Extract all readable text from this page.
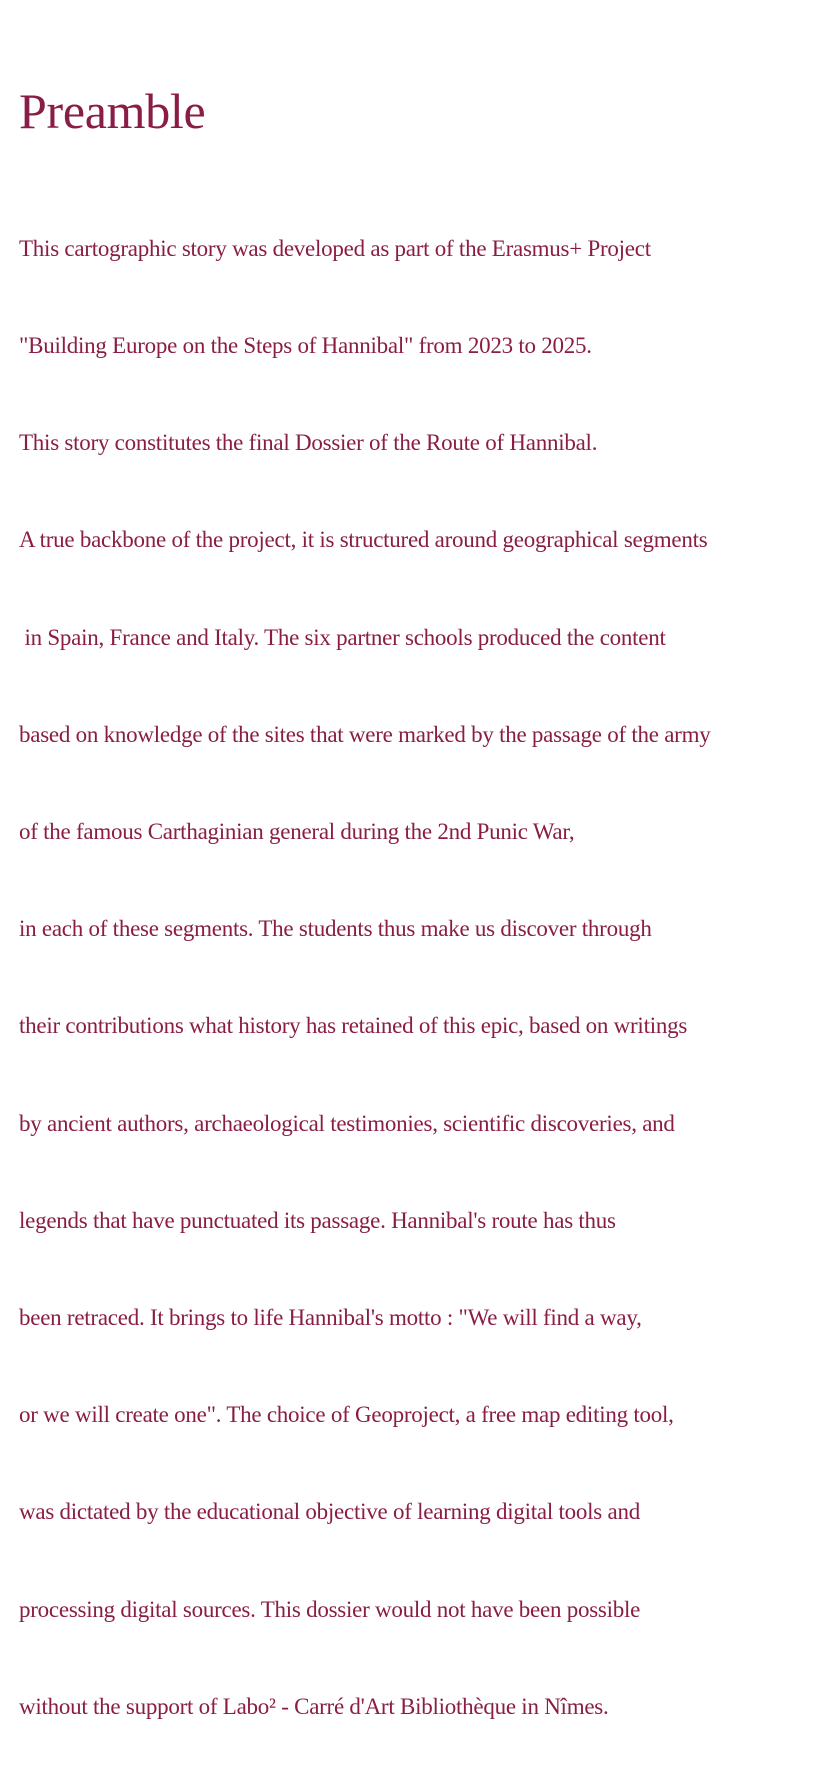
Preamble

This cartographic story was developed as part of the Erasmus+ Project

"Building Europe on the Steps of Hannibal" from 2023 to 2025.

This story constitutes the final Dossier of the Route of Hannibal.

A true backbone of the project, it is structured around geographical segments

in Spain, France and Italy. The six partner schools produced the content

based on knowledge of the sites that were marked by the passage of the army

of the famous Carthaginian general during the 2nd Punic War,

in each of these segments. The students thus make us discover through

their contributions what history has retained of this epic, based on writings

by ancient authors, archaeological testimonies, scientific discoveries, and

legends that have punctuated its passage. Hannibal's route has thus

been retraced. It brings to life Hannibal's motto : "We will find a way,

or we will create one". The choice of Geoproject, a free map editing tool,

was dictated by the educational objective of learning digital tools and

processing digital sources. This dossier would not have been possible

without the support of Labo² - Carré d'Art Bibliothèque in Nîmes.
